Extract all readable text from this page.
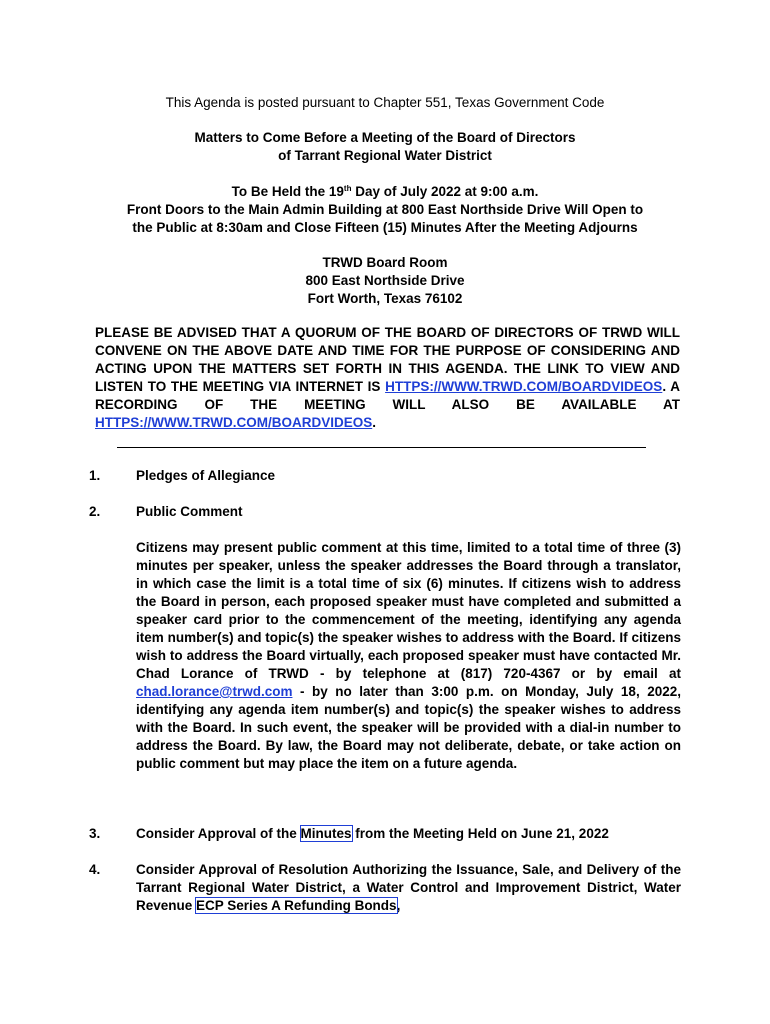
This Agenda is posted pursuant to Chapter 551, Texas Government Code
Matters to Come Before a Meeting of the Board of Directors
of Tarrant Regional Water District
To Be Held the 19th Day of July 2022 at 9:00 a.m.
Front Doors to the Main Admin Building at 800 East Northside Drive Will Open to
the Public at 8:30am and Close Fifteen (15) Minutes After the Meeting Adjourns
TRWD Board Room
800 East Northside Drive
Fort Worth, Texas 76102
PLEASE BE ADVISED THAT A QUORUM OF THE BOARD OF DIRECTORS OF TRWD WILL CONVENE ON THE ABOVE DATE AND TIME FOR THE PURPOSE OF CONSIDERING AND ACTING UPON THE MATTERS SET FORTH IN THIS AGENDA. THE LINK TO VIEW AND LISTEN TO THE MEETING VIA INTERNET IS HTTPS://WWW.TRWD.COM/BOARDVIDEOS. A RECORDING OF THE MEETING WILL ALSO BE AVAILABLE AT HTTPS://WWW.TRWD.COM/BOARDVIDEOS.
1.	Pledges of Allegiance
2.	Public Comment
Citizens may present public comment at this time, limited to a total time of three (3) minutes per speaker, unless the speaker addresses the Board through a translator, in which case the limit is a total time of six (6) minutes. If citizens wish to address the Board in person, each proposed speaker must have completed and submitted a speaker card prior to the commencement of the meeting, identifying any agenda item number(s) and topic(s) the speaker wishes to address with the Board. If citizens wish to address the Board virtually, each proposed speaker must have contacted Mr. Chad Lorance of TRWD - by telephone at (817) 720-4367 or by email at chad.lorance@trwd.com - by no later than 3:00 p.m. on Monday, July 18, 2022, identifying any agenda item number(s) and topic(s) the speaker wishes to address with the Board. In such event, the speaker will be provided with a dial-in number to address the Board. By law, the Board may not deliberate, debate, or take action on public comment but may place the item on a future agenda.
3.	Consider Approval of the Minutes from the Meeting Held on June 21, 2022
4.	Consider Approval of Resolution Authorizing the Issuance, Sale, and Delivery of the Tarrant Regional Water District, a Water Control and Improvement District, Water Revenue ECP Series A Refunding Bonds,
